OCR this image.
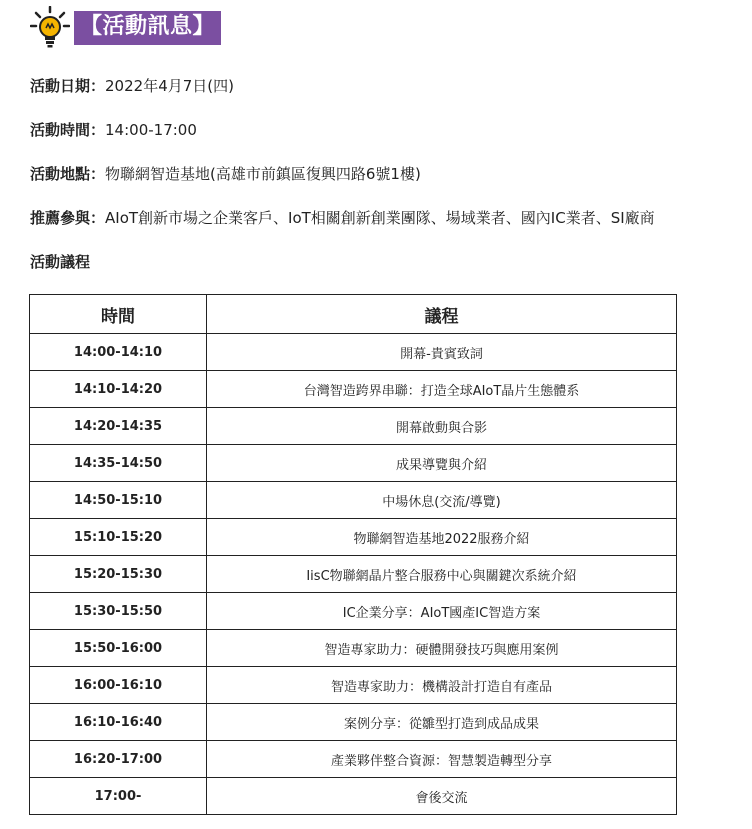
【活動訊息】
活動日期：2022年4月7日(四)
活動時間：14:00-17:00
活動地點：物聯網智造基地(高雄市前鎮區復興四路6號1樓)
推薦參與：AIoT創新市場之企業客戶、IoT相關創新創業團隊、場域業者、國內IC業者、SI廠商
活動議程
時間	議程
14:00-14:10	開幕-貴賓致詞
14:10-14:20	台灣智造跨界串聯：打造全球AIoT晶片生態體系
14:20-14:35	開幕啟動與合影
14:35-14:50	成果導覽與介紹
14:50-15:10	中場休息(交流/導覽)
15:10-15:20	物聯網智造基地2022服務介紹
15:20-15:30	IisC物聯網晶片整合服務中心與關鍵次系統介紹
15:30-15:50	IC企業分享：AIoT國產IC智造方案
15:50-16:00	智造專家助力：硬體開發技巧與應用案例
16:00-16:10	智造專家助力：機構設計打造自有產品
16:10-16:40	案例分享：從雛型打造到成品成果
16:20-17:00	產業夥伴整合資源：智慧製造轉型分享
17:00-	會後交流
